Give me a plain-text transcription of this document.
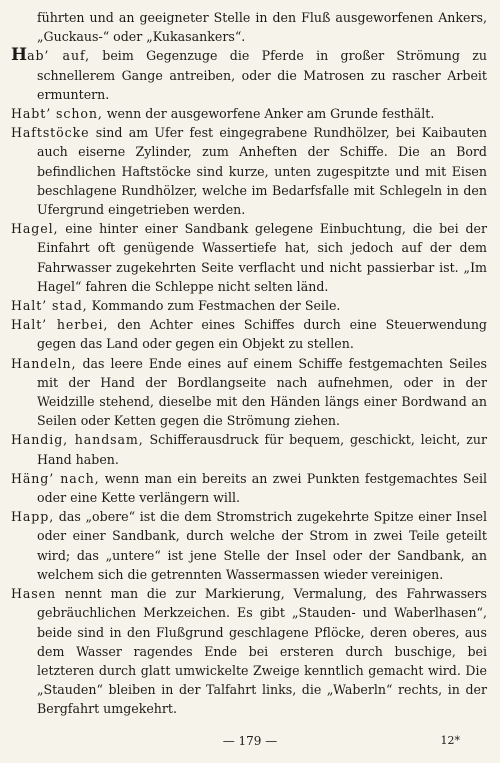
führten und an geeigneter Stelle in den Fluß ausgeworfenen Ankers, „Guckaus-“ oder „Kukasankers“.

Hab’ auf, beim Gegenzuge die Pferde in großer Strömung zu schnellerem Gange antreiben, oder die Matrosen zu rascher Arbeit ermuntern.

Habt’ schon, wenn der ausgeworfene Anker am Grunde festhält.

Haftstöcke sind am Ufer fest eingegrabene Rundhölzer, bei Kaibauten auch eiserne Zylinder, zum Anheften der Schiffe. Die an Bord befindlichen Haftstöcke sind kurze, unten zugespitzte und mit Eisen beschlagene Rundhölzer, welche im Bedarfsfalle mit Schlegeln in den Ufergrund eingetrieben werden.

Hagel, eine hinter einer Sandbank gelegene Einbuchtung, die bei der Einfahrt oft genügende Wassertiefe hat, sich jedoch auf der dem Fahrwasser zugekehrten Seite verflacht und nicht passierbar ist. „Im Hagel“ fahren die Schleppe nicht selten länd.

Halt’ stad, Kommando zum Festmachen der Seile.

Halt’ herbei, den Achter eines Schiffes durch eine Steuerwendung gegen das Land oder gegen ein Objekt zu stellen.

Handeln, das leere Ende eines auf einem Schiffe festgemachten Seiles mit der Hand der Bordlangseite nach aufnehmen, oder in der Weidzille stehend, dieselbe mit den Händen längs einer Bordwand an Seilen oder Ketten gegen die Strömung ziehen.

Handig, handsam, Schifferausdruck für bequem, geschickt, leicht, zur Hand haben.

Häng’ nach, wenn man ein bereits an zwei Punkten festgemachtes Seil oder eine Kette verlängern will.

Happ, das „obere“ ist die dem Stromstrich zugekehrte Spitze einer Insel oder einer Sandbank, durch welche der Strom in zwei Teile geteilt wird; das „untere“ ist jene Stelle der Insel oder der Sandbank, an welchem sich die getrennten Wassermassen wieder vereinigen.

Hasen nennt man die zur Markierung, Vermalung, des Fahrwassers gebräuchlichen Merkzeichen. Es gibt „Stauden- und Waberlhasen“, beide sind in den Flußgrund geschlagene Pflöcke, deren oberes, aus dem Wasser ragendes Ende bei ersteren durch buschige, bei letzteren durch glatt umwickelte Zweige kenntlich gemacht wird. Die „Stauden“ bleiben in der Talfahrt links, die „Waberln“ rechts, in der Bergfahrt umgekehrt.

— 179 —	12*
